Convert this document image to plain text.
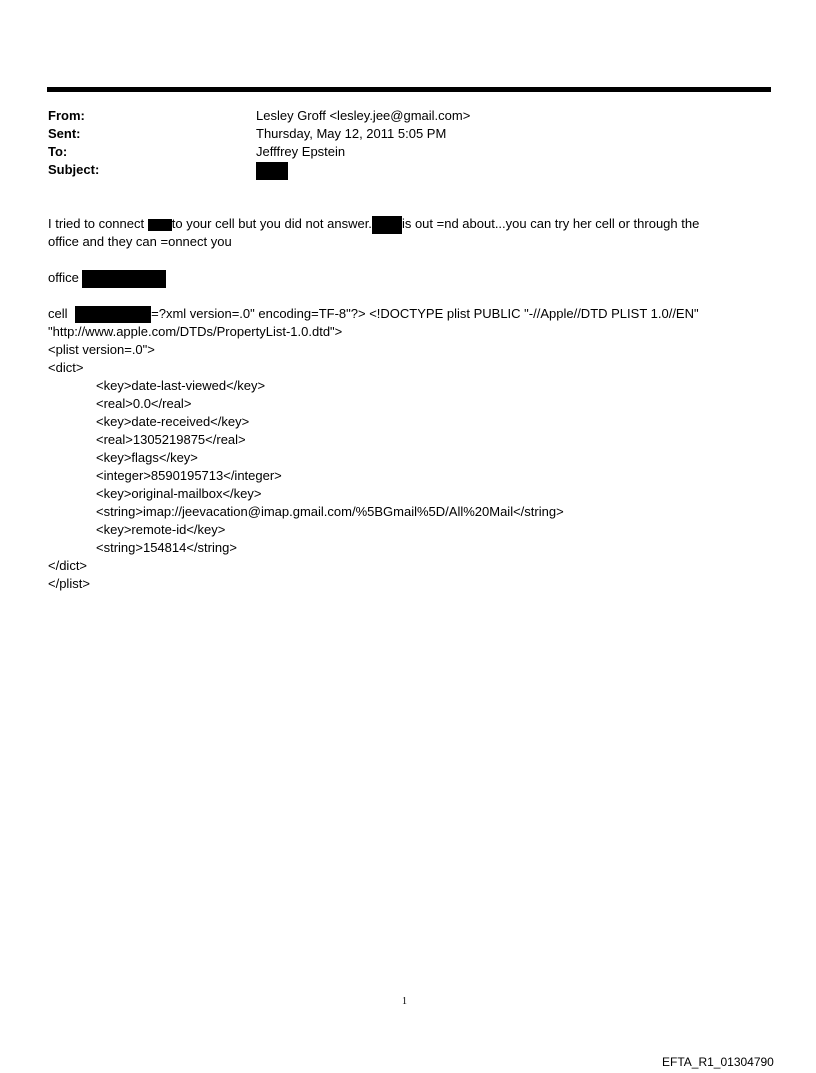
From:	Lesley Groff <lesley.jee@gmail.com>
Sent:	Thursday, May 12, 2011 5:05 PM
To:	Jefffrey Epstein
Subject:
I tried to connect to your cell but you did not answer. is out =nd about...you can try her cell or through the
office and they can =onnect you
office
cell	=?xml version=.0" encoding=TF-8"?> <!DOCTYPE plist PUBLIC "-//Apple//DTD PLIST 1.0//EN"
"http://www.apple.com/DTDs/PropertyList-1.0.dtd">
<plist version=.0">
<dict>
<key>date-last-viewed</key>
<real>0.0</real>
<key>date-received</key>
<real>1305219875</real>
<key>flags</key>
<integer>8590195713</integer>
<key>original-mailbox</key>
<string>imap://jeevacation@imap.gmail.com/%5BGmail%5D/All%20Mail</string>
<key>remote-id</key>
<string>154814</string>
</dict>
</plist>
1
EFTA_R1_01304790
